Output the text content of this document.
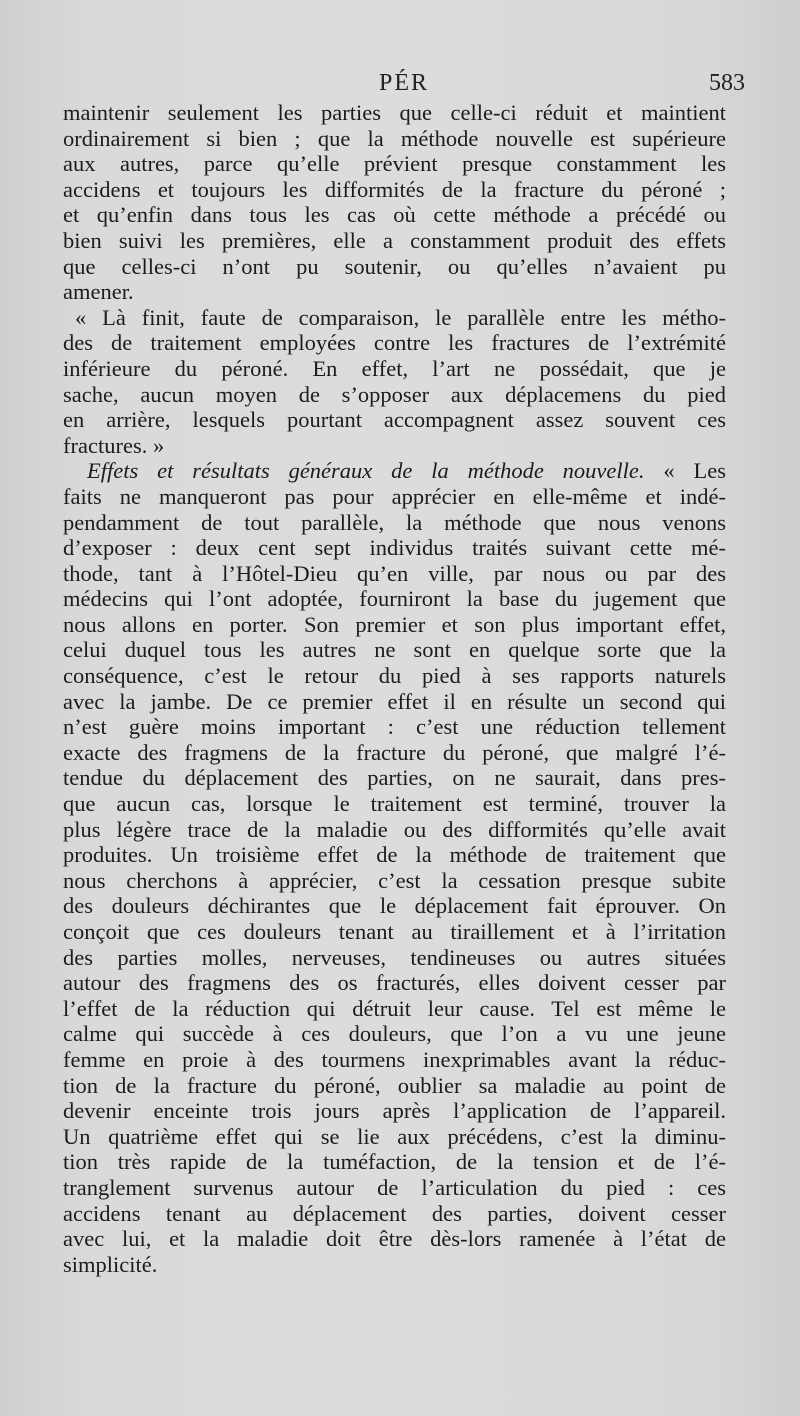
PÉR	583
maintenir seulement les parties que celle-ci réduit et maintient
ordinairement si bien ; que la méthode nouvelle est supérieure
aux autres, parce qu’elle prévient presque constamment les
accidens et toujours les difformités de la fracture du péroné ;
et qu’enfin dans tous les cas où cette méthode a précédé ou
bien suivi les premières, elle a constamment produit des effets
que celles-ci n’ont pu soutenir, ou qu’elles n’avaient pu
amener.
« Là finit, faute de comparaison, le parallèle entre les métho-
des de traitement employées contre les fractures de l’extrémité
inférieure du péroné. En effet, l’art ne possédait, que je
sache, aucun moyen de s’opposer aux déplacemens du pied
en arrière, lesquels pourtant accompagnent assez souvent ces
fractures. »
Effets et résultats généraux de la méthode nouvelle. « Les
faits ne manqueront pas pour apprécier en elle-même et indé-
pendamment de tout parallèle, la méthode que nous venons
d’exposer : deux cent sept individus traités suivant cette mé-
thode, tant à l’Hôtel-Dieu qu’en ville, par nous ou par des
médecins qui l’ont adoptée, fourniront la base du jugement que
nous allons en porter. Son premier et son plus important effet,
celui duquel tous les autres ne sont en quelque sorte que la
conséquence, c’est le retour du pied à ses rapports naturels
avec la jambe. De ce premier effet il en résulte un second qui
n’est guère moins important : c’est une réduction tellement
exacte des fragmens de la fracture du péroné, que malgré l’é-
tendue du déplacement des parties, on ne saurait, dans pres-
que aucun cas, lorsque le traitement est terminé, trouver la
plus légère trace de la maladie ou des difformités qu’elle avait
produites. Un troisième effet de la méthode de traitement que
nous cherchons à apprécier, c’est la cessation presque subite
des douleurs déchirantes que le déplacement fait éprouver. On
conçoit que ces douleurs tenant au tiraillement et à l’irritation
des parties molles, nerveuses, tendineuses ou autres situées
autour des fragmens des os fracturés, elles doivent cesser par
l’effet de la réduction qui détruit leur cause. Tel est même le
calme qui succède à ces douleurs, que l’on a vu une jeune
femme en proie à des tourmens inexprimables avant la réduc-
tion de la fracture du péroné, oublier sa maladie au point de
devenir enceinte trois jours après l’application de l’appareil.
Un quatrième effet qui se lie aux précédens, c’est la diminu-
tion très rapide de la tuméfaction, de la tension et de l’é-
tranglement survenus autour de l’articulation du pied : ces
accidens tenant au déplacement des parties, doivent cesser
avec lui, et la maladie doit être dès-lors ramenée à l’état de
simplicité.
